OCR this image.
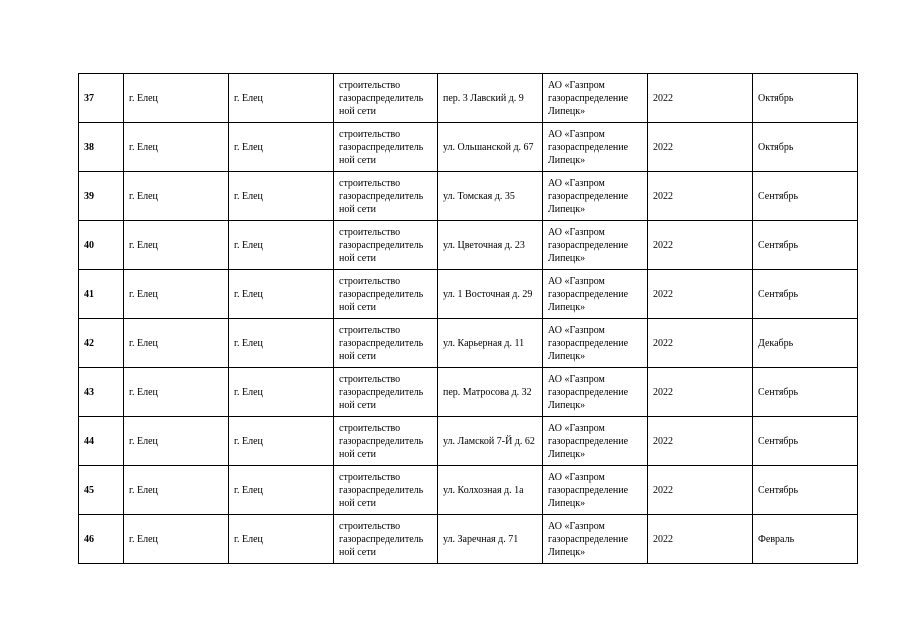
37	г. Елец	г. Елец	строительство газораспределитель ной сети	пер. 3 Лавский д. 9	АО «Газпром газораспределение Липецк»	2022	Октябрь
38	г. Елец	г. Елец	строительство газораспределитель ной сети	ул. Ольшанской д. 67	АО «Газпром газораспределение Липецк»	2022	Октябрь
39	г. Елец	г. Елец	строительство газораспределитель ной сети	ул. Томская д. 35	АО «Газпром газораспределение Липецк»	2022	Сентябрь
40	г. Елец	г. Елец	строительство газораспределитель ной сети	ул. Цветочная д. 23	АО «Газпром газораспределение Липецк»	2022	Сентябрь
41	г. Елец	г. Елец	строительство газораспределитель ной сети	ул. 1 Восточная д. 29	АО «Газпром газораспределение Липецк»	2022	Сентябрь
42	г. Елец	г. Елец	строительство газораспределитель ной сети	ул. Карьерная д. 11	АО «Газпром газораспределение Липецк»	2022	Декабрь
43	г. Елец	г. Елец	строительство газораспределитель ной сети	пер. Матросова д. 32	АО «Газпром газораспределение Липецк»	2022	Сентябрь
44	г. Елец	г. Елец	строительство газораспределитель ной сети	ул. Ламской 7-Й д. 62	АО «Газпром газораспределение Липецк»	2022	Сентябрь
45	г. Елец	г. Елец	строительство газораспределитель ной сети	ул. Колхозная д. 1а	АО «Газпром газораспределение Липецк»	2022	Сентябрь
46	г. Елец	г. Елец	строительство газораспределитель ной сети	ул. Заречная д. 71	АО «Газпром газораспределение Липецк»	2022	Февраль
